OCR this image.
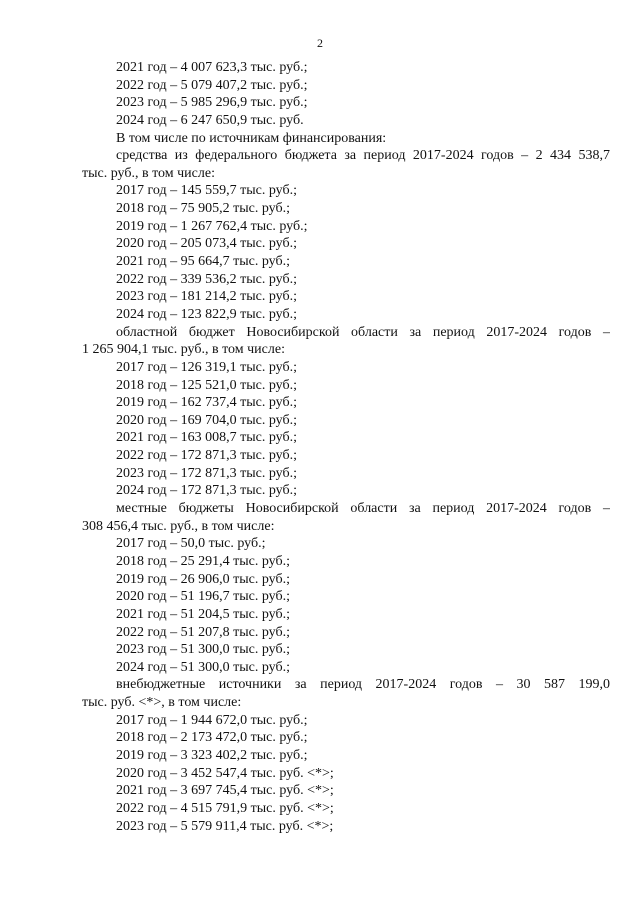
2
2021 год – 4 007 623,3 тыс. руб.;
2022 год – 5 079 407,2 тыс. руб.;
2023 год – 5 985 296,9 тыс. руб.;
2024 год – 6 247 650,9 тыс. руб.
В том числе по источникам финансирования:
средства из федерального бюджета за период 2017-2024 годов – 2 434 538,7
тыс. руб., в том числе:
2017 год – 145 559,7 тыс. руб.;
2018 год – 75 905,2 тыс. руб.;
2019 год – 1 267 762,4 тыс. руб.;
2020 год – 205 073,4 тыс. руб.;
2021 год – 95 664,7 тыс. руб.;
2022 год – 339 536,2 тыс. руб.;
2023 год – 181 214,2 тыс. руб.;
2024 год – 123 822,9 тыс. руб.;
областной бюджет Новосибирской области за период 2017-2024 годов –
1 265 904,1 тыс. руб., в том числе:
2017 год – 126 319,1 тыс. руб.;
2018 год – 125 521,0 тыс. руб.;
2019 год – 162 737,4 тыс. руб.;
2020 год – 169 704,0 тыс. руб.;
2021 год – 163 008,7 тыс. руб.;
2022 год – 172 871,3 тыс. руб.;
2023 год – 172 871,3 тыс. руб.;
2024 год – 172 871,3 тыс. руб.;
местные бюджеты Новосибирской области за период 2017-2024 годов –
308 456,4 тыс. руб., в том числе:
2017 год – 50,0 тыс. руб.;
2018 год – 25 291,4 тыс. руб.;
2019 год – 26 906,0 тыс. руб.;
2020 год – 51 196,7 тыс. руб.;
2021 год – 51 204,5 тыс. руб.;
2022 год – 51 207,8 тыс. руб.;
2023 год – 51 300,0 тыс. руб.;
2024 год – 51 300,0 тыс. руб.;
внебюджетные источники за период 2017-2024 годов – 30 587 199,0
тыс. руб. <*>, в том числе:
2017 год – 1 944 672,0 тыс. руб.;
2018 год – 2 173 472,0 тыс. руб.;
2019 год – 3 323 402,2 тыс. руб.;
2020 год – 3 452 547,4 тыс. руб. <*>;
2021 год – 3 697 745,4 тыс. руб. <*>;
2022 год – 4 515 791,9 тыс. руб. <*>;
2023 год – 5 579 911,4 тыс. руб. <*>;
